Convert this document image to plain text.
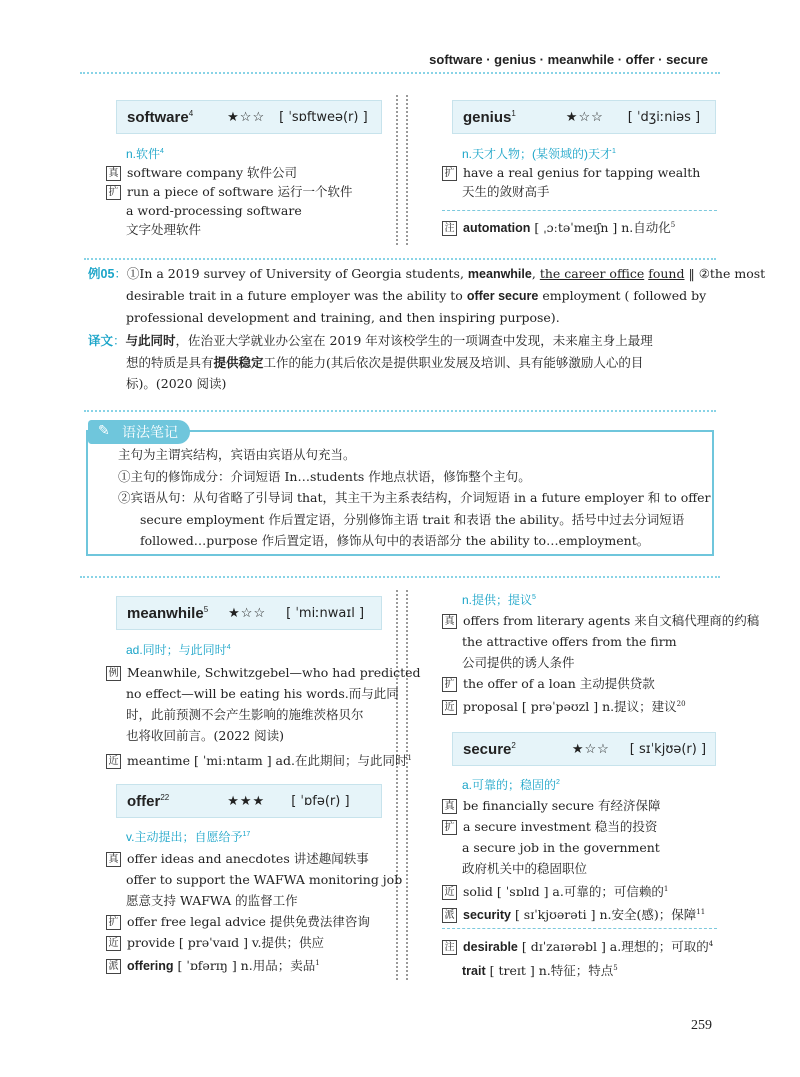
software · genius · meanwhile · offer · secure
software$^4$	★☆☆ [ ˈsɒftweə(r) ]
n.软件$^4$
真 software company 软件公司
扩 run a piece of software 运行一个软件
a word-processing software
文字处理软件
genius$^1$	★☆☆ [ ˈdʒiːniəs ]
n.天才人物；(某领域的)天才$^1$
扩 have a real genius for tapping wealth
天生的敛财高手
注 automation [ ˌɔːtəˈmeɪʃn ] n.自动化$^5$
例05：①In a 2019 survey of University of Georgia students, meanwhile, the career office found ‖ ②the most
desirable trait in a future employer was the ability to offer secure employment ( followed by
professional development and training, and then inspiring purpose).
译文：与此同时，佐治亚大学就业办公室在 2019 年对该校学生的一项调查中发现，未来雇主身上最理
想的特质是具有提供稳定工作的能力(其后依次是提供职业发展及培训、具有能够激励人心的目
标)。(2020 阅读)
✎ 语法笔记
主句为主谓宾结构，宾语由宾语从句充当。
①主句的修饰成分：介词短语 In…students 作地点状语，修饰整个主句。
②宾语从句：从句省略了引导词 that，其主干为主系表结构，介词短语 in a future employer 和 to offer
secure employment 作后置定语，分别修饰主语 trait 和表语 the ability。括号中过去分词短语
followed…purpose 作后置定语，修饰从句中的表语部分 the ability to…employment。
meanwhile$^5$ ★☆☆ [ ˈmiːnwaɪl ]
ad.同时；与此同时$^4$
例 Meanwhile, Schwitzgebel—who had predicted
no effect—will be eating his words.而与此同
时，此前预测不会产生影响的施维茨格贝尔
也将收回前言。(2022 阅读)
近 meantime [ ˈmiːntaɪm ] ad.在此期间；与此同时$^1$
offer$^{22}$	★★★ [ ˈɒfə(r) ]
v.主动提出；自愿给予$^{17}$
真 offer ideas and anecdotes 讲述趣闻轶事
offer to support the WAFWA monitoring job
愿意支持 WAFWA 的监督工作
扩 offer free legal advice 提供免费法律咨询
近 provide [ prəˈvaɪd ] v.提供；供应
派 offering [ ˈɒfərɪŋ ] n.用品；卖品$^1$
n.提供；提议$^5$
真 offers from literary agents 来自文稿代理商的约稿
the attractive offers from the firm
公司提供的诱人条件
扩 the offer of a loan 主动提供贷款
近 proposal [ prəˈpəʊzl ] n.提议；建议$^{20}$
secure$^2$	★☆☆ [ sɪˈkjʊə(r) ]
a.可靠的；稳固的$^2$
真 be financially secure 有经济保障
扩 a secure investment 稳当的投资
a secure job in the government
政府机关中的稳固职位
近 solid [ ˈsɒlɪd ] a.可靠的；可信赖的$^1$
派 security [ sɪˈkjʊərəti ] n.安全(感)；保障$^{11}$
注 desirable [ dɪˈzaɪərəbl ] a.理想的；可取的$^4$
trait [ treɪt ] n.特征；特点$^5$
259
